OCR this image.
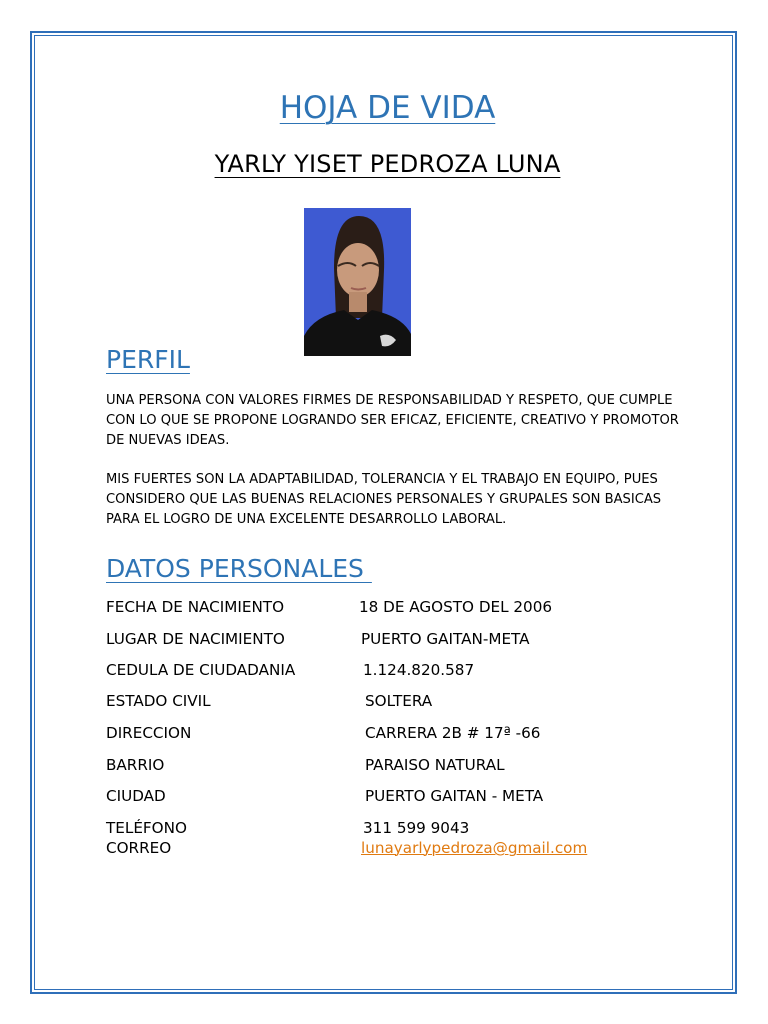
HOJA DE VIDA
YARLY YISET PEDROZA LUNA
PERFIL

UNA PERSONA CON VALORES FIRMES DE RESPONSABILIDAD Y RESPETO, QUE CUMPLE CON LO QUE SE PROPONE LOGRANDO SER EFICAZ, EFICIENTE, CREATIVO Y PROMOTOR DE NUEVAS IDEAS.

MIS FUERTES SON LA ADAPTABILIDAD, TOLERANCIA Y EL TRABAJO EN EQUIPO, PUES CONSIDERO QUE LAS BUENAS RELACIONES PERSONALES Y GRUPALES SON BASICAS PARA EL LOGRO DE UNA EXCELENTE DESARROLLO LABORAL.

DATOS PERSONALES
FECHA DE NACIMIENTO	18 DE AGOSTO DEL 2006
LUGAR DE NACIMIENTO	PUERTO GAITAN-META
CEDULA DE CIUDADANIA	1.124.820.587
ESTADO CIVIL	SOLTERA
DIRECCION	CARRERA 2B # 17ª -66
BARRIO	PARAISO NATURAL
CIUDAD	PUERTO GAITAN - META
TELÉFONO	311 599 9043
CORREO	lunayarlypedroza@gmail.com
